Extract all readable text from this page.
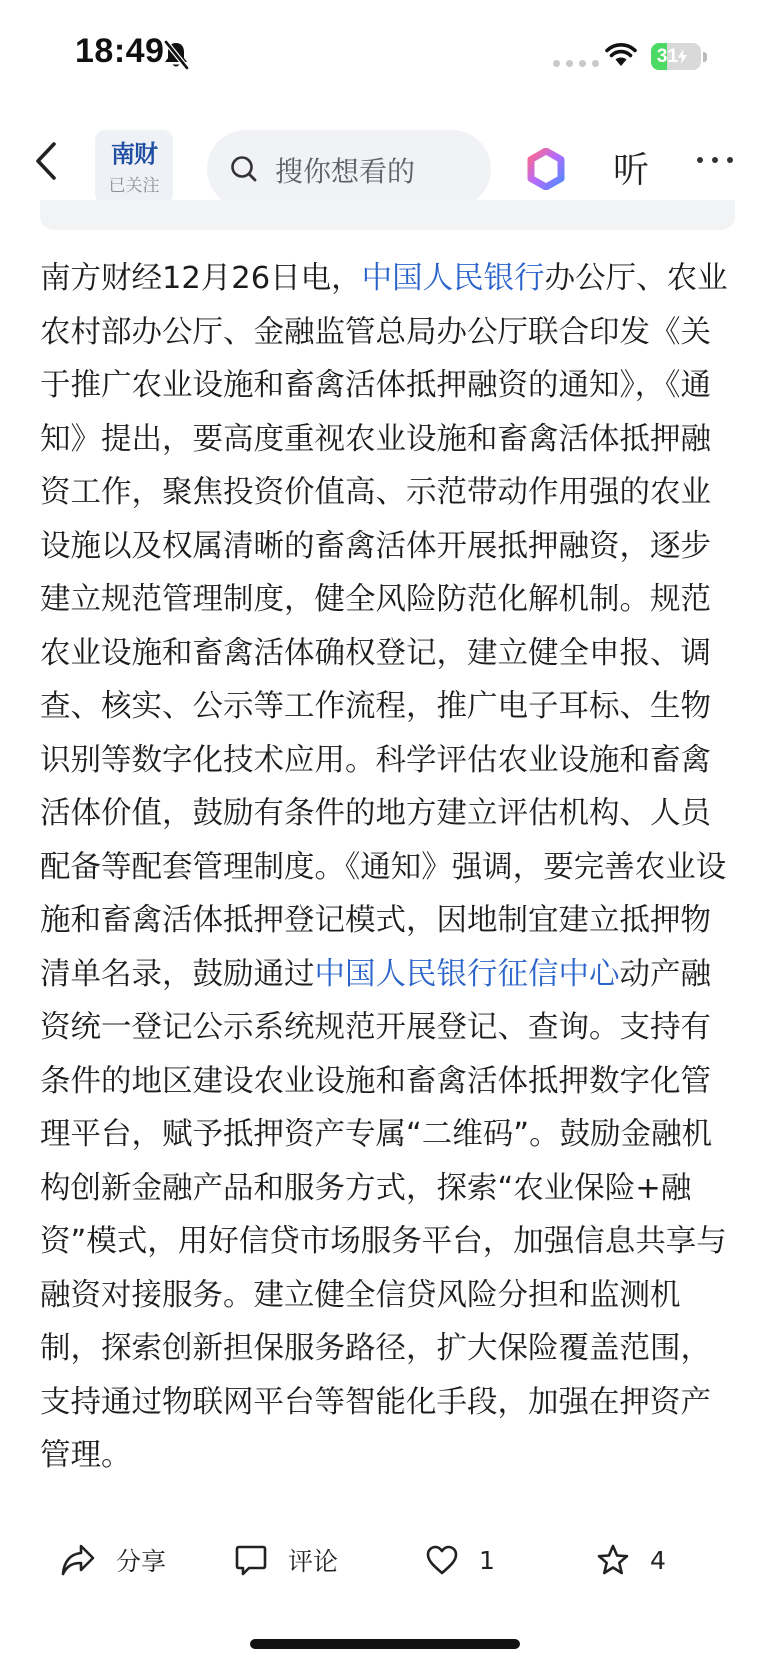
18:49	31
南财
已关注	搜你想看的	听
南方财经12月26日电，中国人民银行办公厅、农业农村部办公厅、金融监管总局办公厅联合印发《关于推广农业设施和畜禽活体抵押融资的通知》，《通知》提出，要高度重视农业设施和畜禽活体抵押融资工作，聚焦投资价值高、示范带动作用强的农业设施以及权属清晰的畜禽活体开展抵押融资，逐步建立规范管理制度，健全风险防范化解机制。规范农业设施和畜禽活体确权登记，建立健全申报、调查、核实、公示等工作流程，推广电子耳标、生物识别等数字化技术应用。科学评估农业设施和畜禽活体价值，鼓励有条件的地方建立评估机构、人员配备等配套管理制度。《通知》强调，要完善农业设施和畜禽活体抵押登记模式，因地制宜建立抵押物清单名录，鼓励通过中国人民银行征信中心动产融资统一登记公示系统规范开展登记、查询。支持有条件的地区建设农业设施和畜禽活体抵押数字化管理平台，赋予抵押资产专属“二维码”。鼓励金融机构创新金融产品和服务方式，探索“农业保险+融资”模式，用好信贷市场服务平台，加强信息共享与融资对接服务。建立健全信贷风险分担和监测机制，探索创新担保服务路径，扩大保险覆盖范围，支持通过物联网平台等智能化手段，加强在押资产管理。
分享	评论	1	4
